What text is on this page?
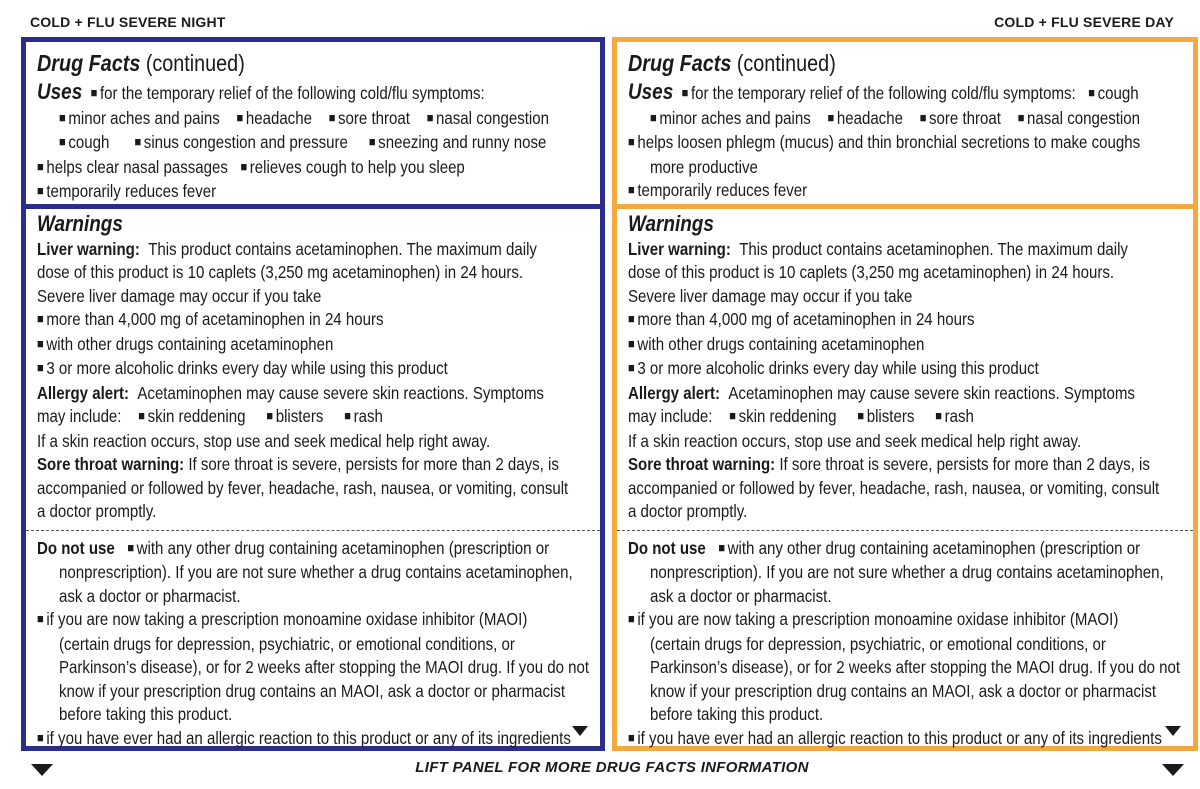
COLD + FLU SEVERE NIGHT	COLD + FLU SEVERE DAY
Drug Facts (continued)
Uses ■ for the temporary relief of the following cold/flu symptoms:
■ minor aches and pains ■ headache ■ sore throat ■ nasal congestion
■ cough ■ sinus congestion and pressure ■ sneezing and runny nose
■ helps clear nasal passages ■ relieves cough to help you sleep
■ temporarily reduces fever
Warnings
Liver warning: This product contains acetaminophen. The maximum daily
dose of this product is 10 caplets (3,250 mg acetaminophen) in 24 hours.
Severe liver damage may occur if you take
■ more than 4,000 mg of acetaminophen in 24 hours
■ with other drugs containing acetaminophen
■ 3 or more alcoholic drinks every day while using this product
Allergy alert: Acetaminophen may cause severe skin reactions. Symptoms
may include: ■ skin reddening ■ blisters ■ rash
If a skin reaction occurs, stop use and seek medical help right away.
Sore throat warning: If sore throat is severe, persists for more than 2 days, is
accompanied or followed by fever, headache, rash, nausea, or vomiting, consult
a doctor promptly.
Do not use ■ with any other drug containing acetaminophen (prescription or
nonprescription). If you are not sure whether a drug contains acetaminophen,
ask a doctor or pharmacist.
■ if you are now taking a prescription monoamine oxidase inhibitor (MAOI)
(certain drugs for depression, psychiatric, or emotional conditions, or
Parkinson’s disease), or for 2 weeks after stopping the MAOI drug. If you do not
know if your prescription drug contains an MAOI, ask a doctor or pharmacist
before taking this product.
■ if you have ever had an allergic reaction to this product or any of its ingredients
Drug Facts (continued)
Uses ■ for the temporary relief of the following cold/flu symptoms: ■ cough
■ minor aches and pains ■ headache ■ sore throat ■ nasal congestion
■ helps loosen phlegm (mucus) and thin bronchial secretions to make coughs
more productive
■ temporarily reduces fever
Warnings
Liver warning: This product contains acetaminophen. The maximum daily
dose of this product is 10 caplets (3,250 mg acetaminophen) in 24 hours.
Severe liver damage may occur if you take
■ more than 4,000 mg of acetaminophen in 24 hours
■ with other drugs containing acetaminophen
■ 3 or more alcoholic drinks every day while using this product
Allergy alert: Acetaminophen may cause severe skin reactions. Symptoms
may include: ■ skin reddening ■ blisters ■ rash
If a skin reaction occurs, stop use and seek medical help right away.
Sore throat warning: If sore throat is severe, persists for more than 2 days, is
accompanied or followed by fever, headache, rash, nausea, or vomiting, consult
a doctor promptly.
Do not use ■ with any other drug containing acetaminophen (prescription or
nonprescription). If you are not sure whether a drug contains acetaminophen,
ask a doctor or pharmacist.
■ if you are now taking a prescription monoamine oxidase inhibitor (MAOI)
(certain drugs for depression, psychiatric, or emotional conditions, or
Parkinson’s disease), or for 2 weeks after stopping the MAOI drug. If you do not
know if your prescription drug contains an MAOI, ask a doctor or pharmacist
before taking this product.
■ if you have ever had an allergic reaction to this product or any of its ingredients
LIFT PANEL FOR MORE DRUG FACTS INFORMATION
